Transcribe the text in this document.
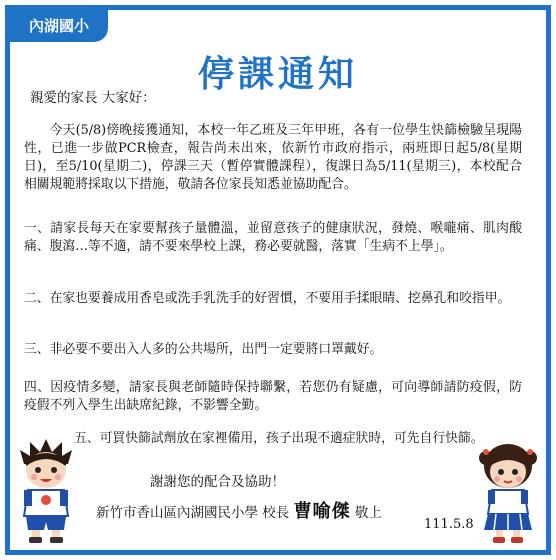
內湖國小
停課通知
親愛的家長 大家好：

今天(5/8)傍晚接獲通知，本校一年乙班及三年甲班，各有一位學生快篩檢驗呈現陽性，已進一步做PCR檢查，報告尚未出來，依新竹市政府指示，兩班即日起5/8(星期日)，至5/10(星期二)，停課三天（暫停實體課程），復課日為5/11(星期三)，本校配合相關規範將採取以下措施，敬請各位家長知悉並協助配合。

一、請家長每天在家要幫孩子量體溫，並留意孩子的健康狀況，發燒、喉嚨痛、肌肉酸痛、腹瀉…等不適，請不要來學校上課，務必要就醫，落實「生病不上學」。

二、在家也要養成用香皂或洗手乳洗手的好習慣，不要用手揉眼睛、挖鼻孔和咬指甲。

三、非必要不要出入人多的公共場所，出門一定要將口罩戴好。

四、因疫情多變，請家長與老師隨時保持聯繫，若您仍有疑慮，可向導師請防疫假，防疫假不列入學生出缺席紀錄，不影響全勤。

五、可買快篩試劑放在家裡備用，孩子出現不適症狀時，可先自行快篩。

謝謝您的配合及協助！
新竹市香山區內湖國民小學 校長 曹喻傑 敬上
111.5.8
